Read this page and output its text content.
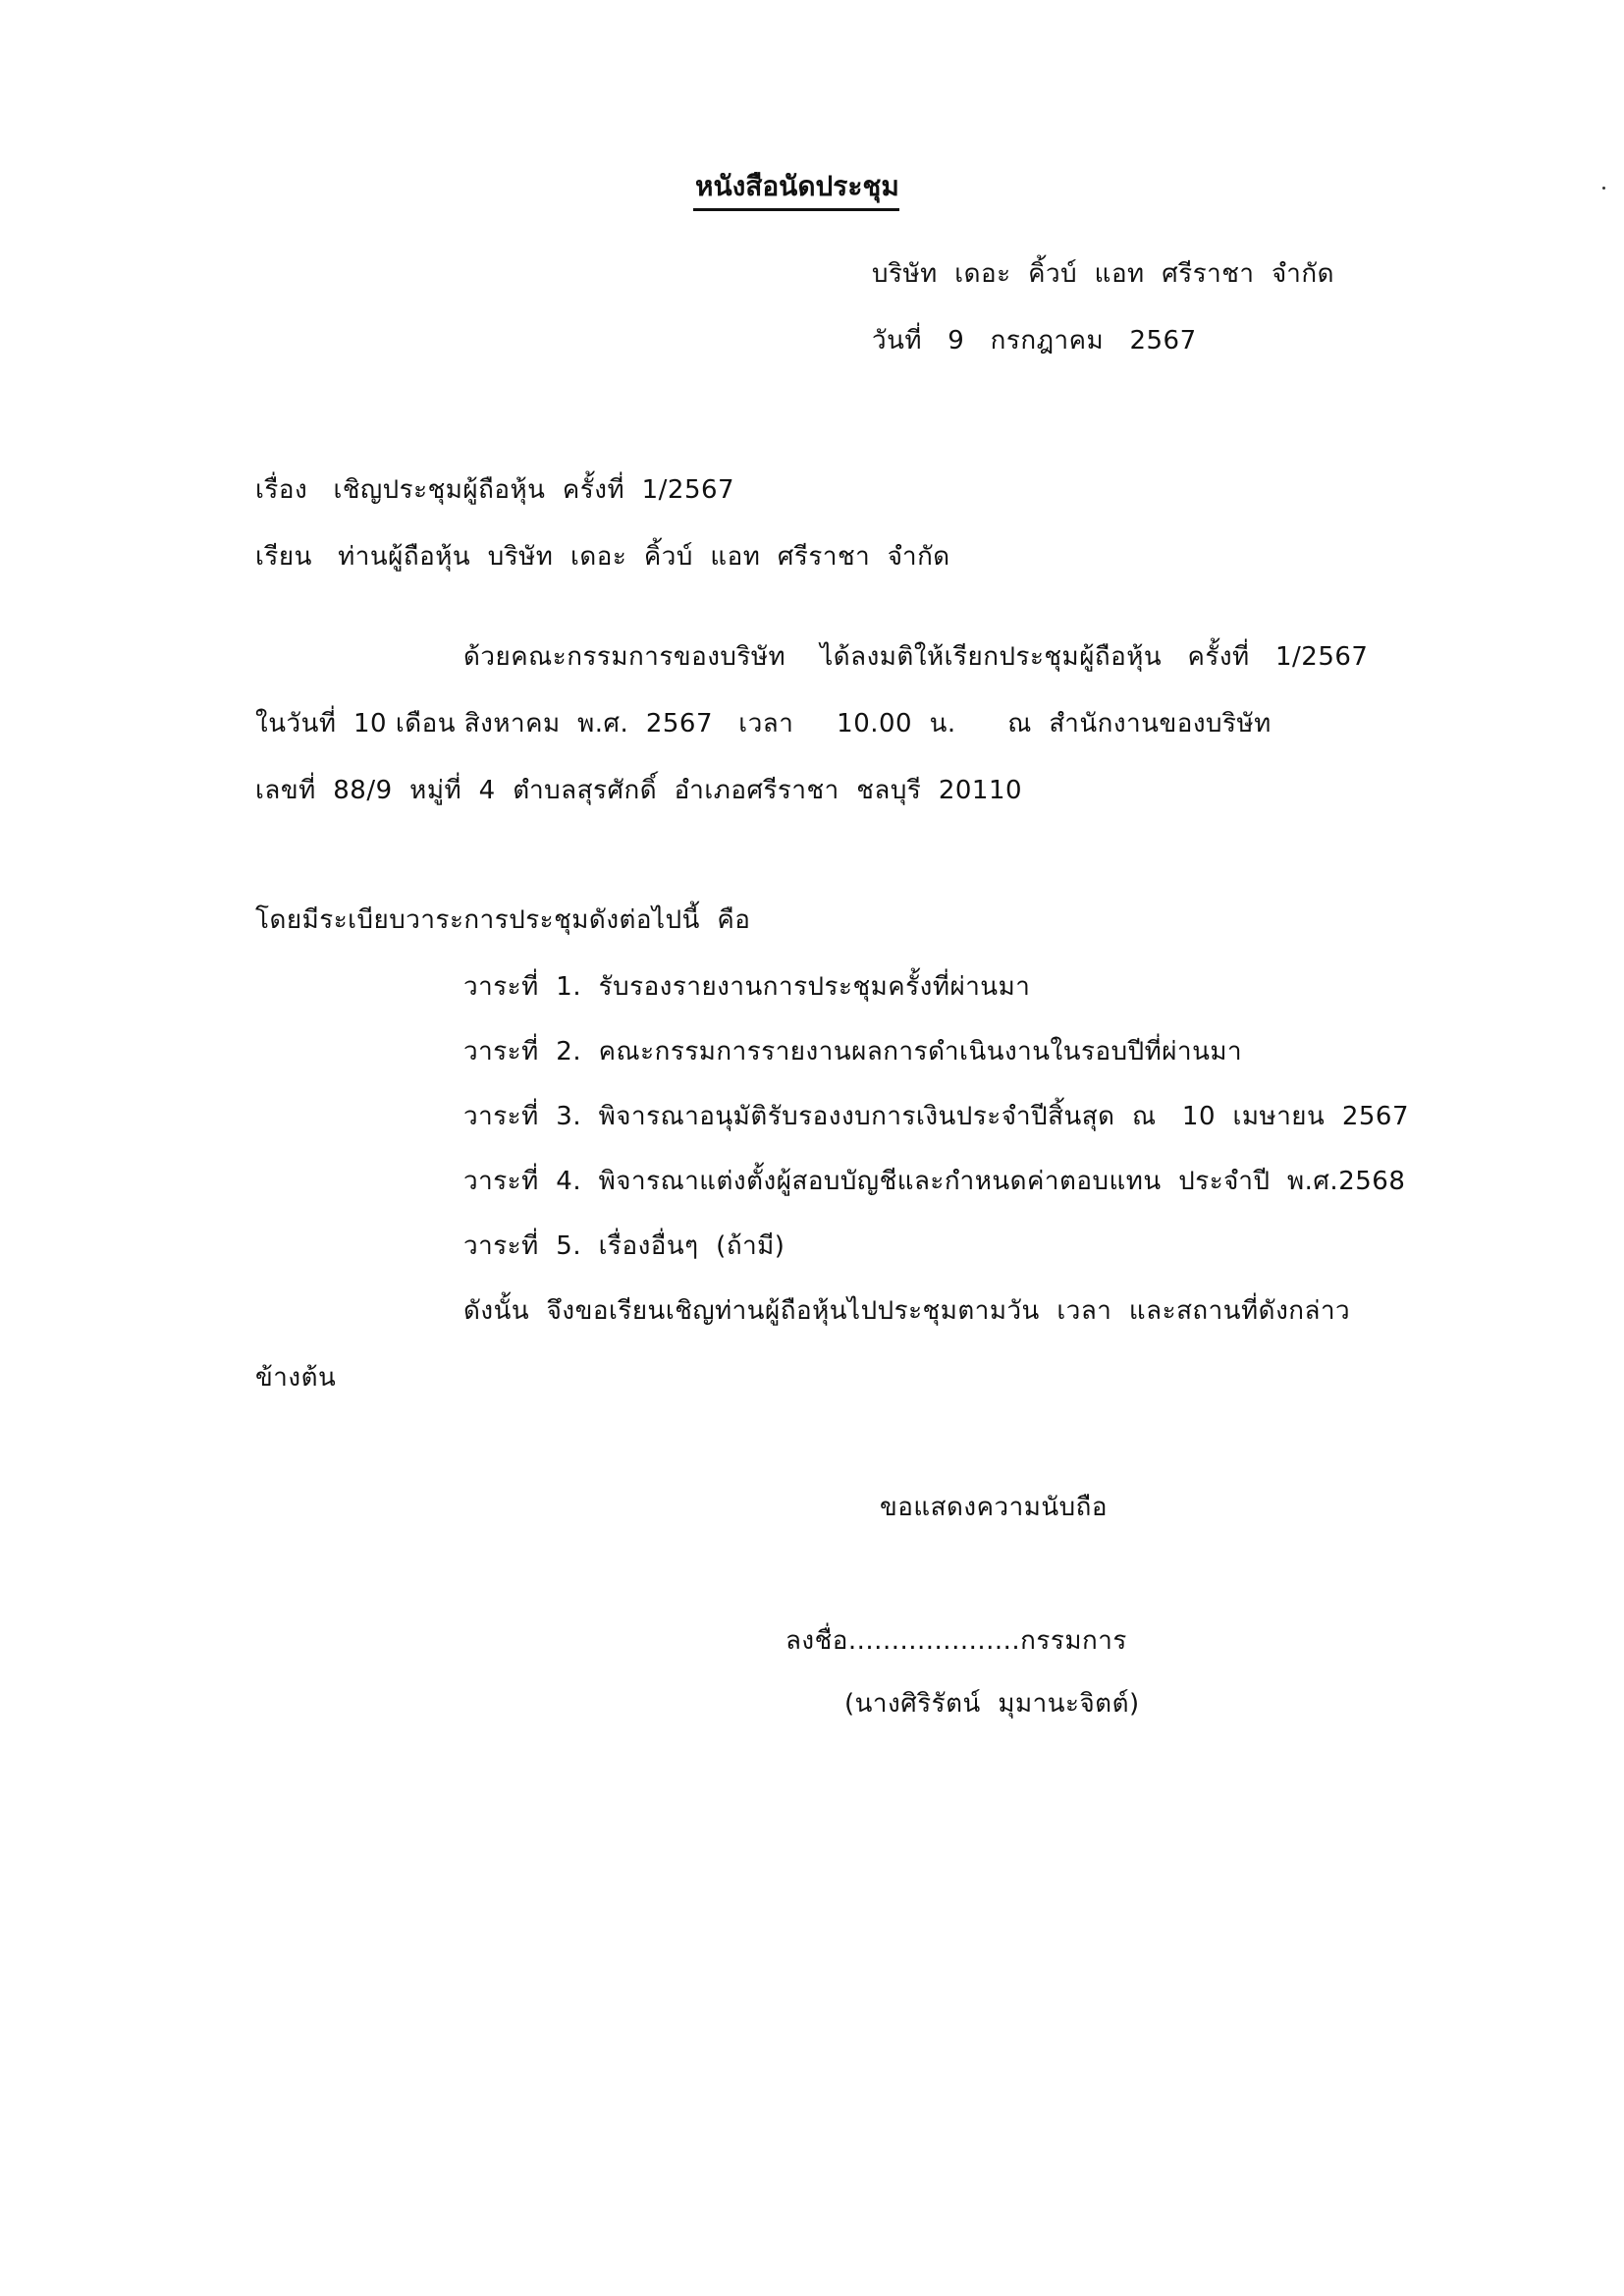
หนังสือนัดประชุม
บริษัท  เดอะ  คิ้วบ์  แอท  ศรีราชา  จำกัด
วันที่   9   กรกฎาคม   2567
เรื่อง   เชิญประชุมผู้ถือหุ้น  ครั้งที่  1/2567
เรียน   ท่านผู้ถือหุ้น  บริษัท  เดอะ  คิ้วบ์  แอท  ศรีราชา  จำกัด
ด้วยคณะกรรมการของบริษัท    ได้ลงมติให้เรียกประชุมผู้ถือหุ้น   ครั้งที่   1/2567
ในวันที่  10 เดือน สิงหาคม  พ.ศ.  2567   เวลา     10.00  น.      ณ  สำนักงานของบริษัท
เลขที่  88/9  หมู่ที่  4  ตำบลสุรศักดิ์  อำเภอศรีราชา  ชลบุรี  20110
โดยมีระเบียบวาระการประชุมดังต่อไปนี้  คือ
วาระที่  1.  รับรองรายงานการประชุมครั้งที่ผ่านมา
วาระที่  2.  คณะกรรมการรายงานผลการดำเนินงานในรอบปีที่ผ่านมา
วาระที่  3.  พิจารณาอนุมัติรับรองงบการเงินประจำปีสิ้นสุด  ณ   10  เมษายน  2567
วาระที่  4.  พิจารณาแต่งตั้งผู้สอบบัญชีและกำหนดค่าตอบแทน  ประจำปี  พ.ศ.2568
วาระที่  5.  เรื่องอื่นๆ  (ถ้ามี)
ดังนั้น  จึงขอเรียนเชิญท่านผู้ถือหุ้นไปประชุมตามวัน  เวลา  และสถานที่ดังกล่าว
ข้างต้น
ขอแสดงความนับถือ
ลงชื่อ....................กรรมการ
(นางศิริรัตน์  มุมานะจิตต์)
